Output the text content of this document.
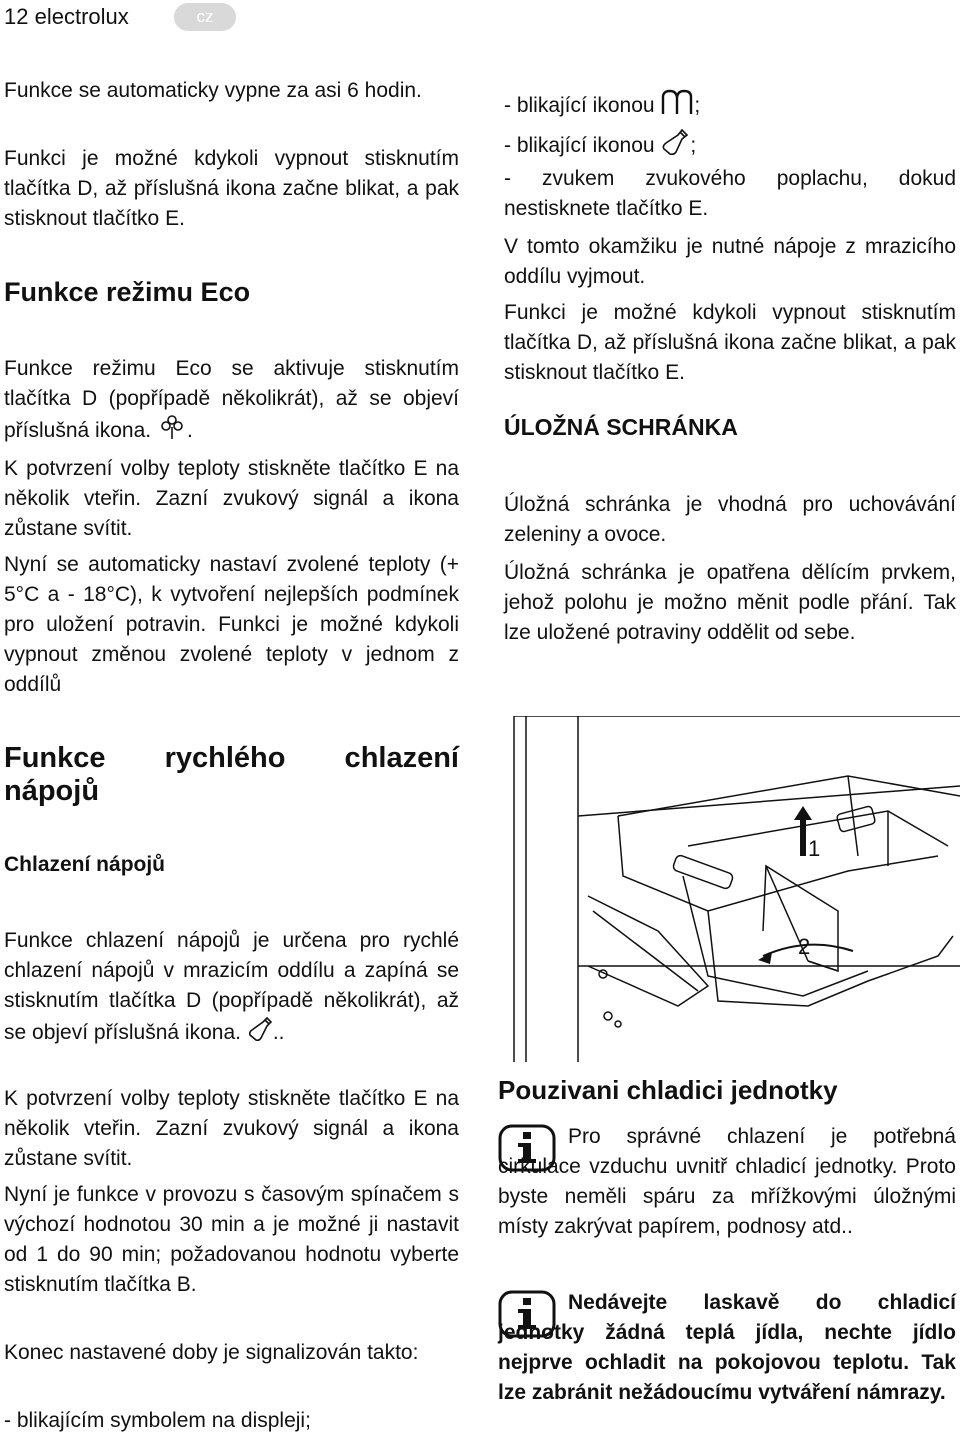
12 electrolux	cz

Funkce se automaticky vypne za asi 6 hodin.

Funkci je možné kdykoli vypnout stisknutím tlačítka D, až příslušná ikona začne blikat, a pak stisknout tlačítko E.

Funkce režimu Eco

Funkce režimu Eco se aktivuje stisknutím tlačítka D (popřípadě několikrát), až se objeví příslušná ikona. .

K potvrzení volby teploty stiskněte tlačítko E na několik vteřin. Zazní zvukový signál a ikona zůstane svítit.

Nyní se automaticky nastaví zvolené teploty (+ 5°C a - 18°C), k vytvoření nejlepších podmínek pro uložení potravin. Funkci je možné kdykoli vypnout změnou zvolené teploty v jednom z oddílů

Funkce rychlého chlazení nápojů
Chlazení nápojů

Funkce chlazení nápojů je určena pro rychlé chlazení nápojů v mrazicím oddílu a zapíná se stisknutím tlačítka D (popřípadě několikrát), až se objeví příslušná ikona. ..

K potvrzení volby teploty stiskněte tlačítko E na několik vteřin. Zazní zvukový signál a ikona zůstane svítit.

Nyní je funkce v provozu s časovým spínačem s výchozí hodnotou 30 min a je možné ji nastavit od 1 do 90 min; požadovanou hodnotu vyberte stisknutím tlačítka B.

Konec nastavené doby je signalizován takto:

- blikajícím symbolem na displeji;

- blikající ikonou ;

- blikající ikonou ;

- zvukem zvukového poplachu, dokud nestisknete tlačítko E.

V tomto okamžiku je nutné nápoje z mrazicího oddílu vyjmout.

Funkci je možné kdykoli vypnout stisknutím tlačítka D, až příslušná ikona začne blikat, a pak stisknout tlačítko E.

ÚLOŽNÁ SCHRÁNKA

Úložná schránka je vhodná pro uchovávání zeleniny a ovoce.

Úložná schránka je opatřena dělícím prvkem, jehož polohu je možno měnit podle přání. Tak lze uložené potraviny oddělit od sebe.

1
2
Pouzivani chladici jednotky

Pro správné chlazení je potřebná cirkulace vzduchu uvnitř chladicí jednotky. Proto byste neměli spáru za mřížkovými úložnými místy zakrývat papírem, podnosy atd..

Nedávejte laskavě do chladicí jednotky žádná teplá jídla, nechte jídlo nejprve ochladit na pokojovou teplotu. Tak lze zabránit nežádoucímu vytváření námrazy.
